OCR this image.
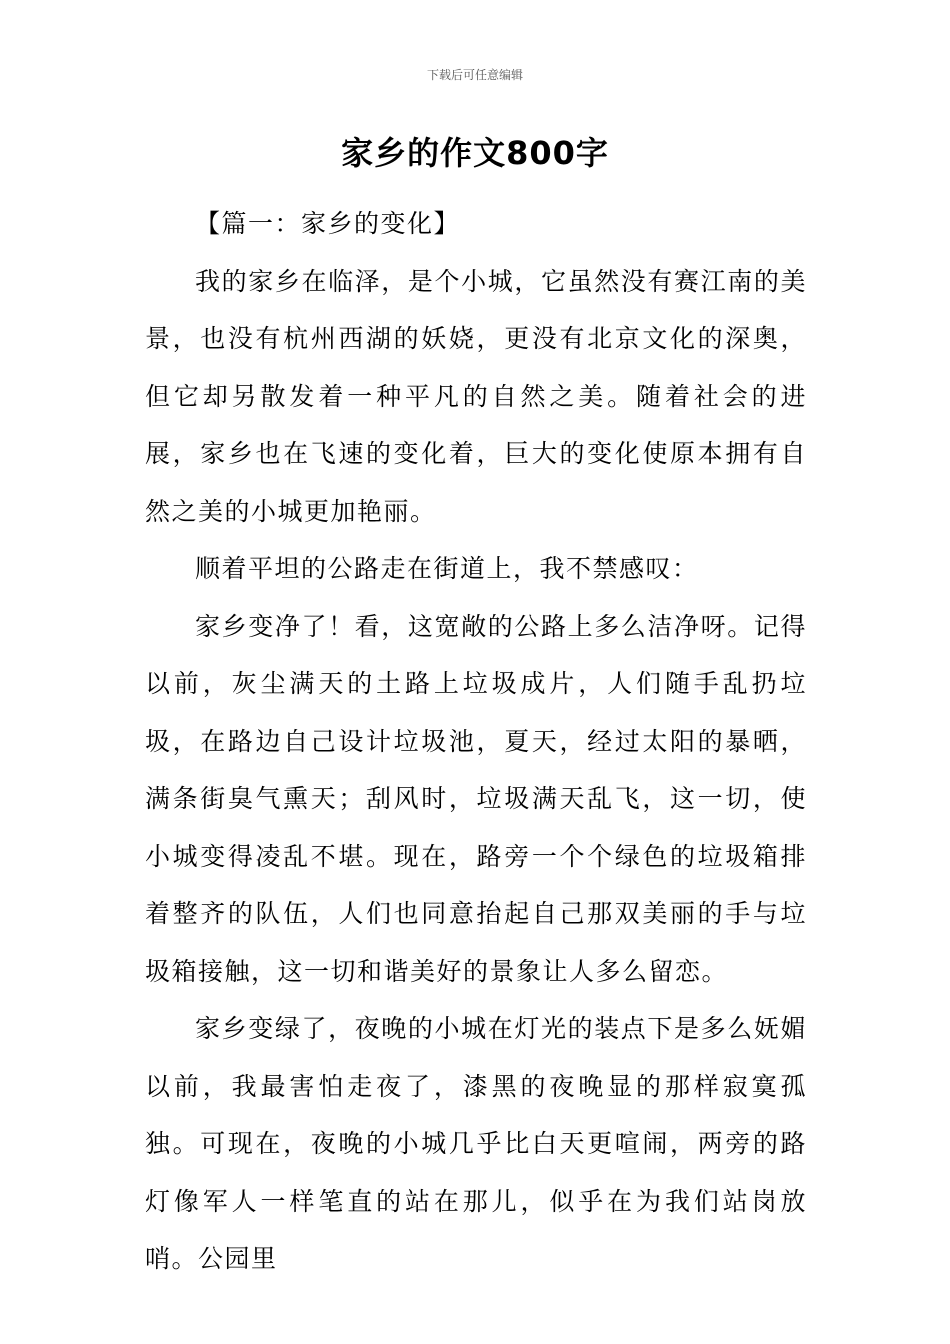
下载后可任意编辑
家乡的作文800字

【篇一：家乡的变化】

我的家乡在临泽，是个小城，它虽然没有赛江南的美景，也没有杭州西湖的妖娆，更没有北京文化的深奥，但它却另散发着一种平凡的自然之美。随着社会的进展，家乡也在飞速的变化着，巨大的变化使原本拥有自然之美的小城更加艳丽。

顺着平坦的公路走在街道上，我不禁感叹：

家乡变净了！看，这宽敞的公路上多么洁净呀。记得以前，灰尘满天的土路上垃圾成片，人们随手乱扔垃圾，在路边自己设计垃圾池，夏天，经过太阳的暴晒，满条街臭气熏天；刮风时，垃圾满天乱飞，这一切，使小城变得凌乱不堪。现在，路旁一个个绿色的垃圾箱排着整齐的队伍，人们也同意抬起自己那双美丽的手与垃圾箱接触，这一切和谐美好的景象让人多么留恋。

家乡变绿了，夜晚的小城在灯光的装点下是多么妩媚以前，我最害怕走夜了，漆黑的夜晚显的那样寂寞孤独。可现在，夜晚的小城几乎比白天更喧闹，两旁的路灯像军人一样笔直的站在那儿，似乎在为我们站岗放哨。公园里
